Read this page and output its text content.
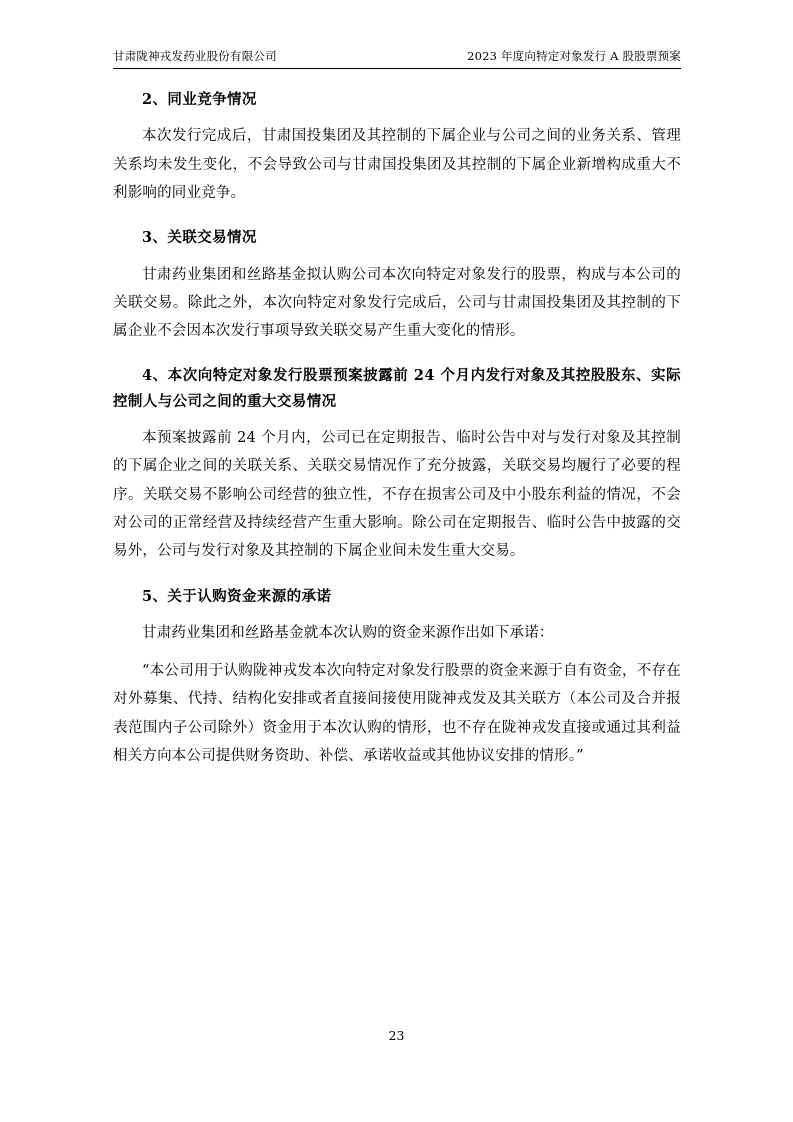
甘肃陇神戎发药业股份有限公司	2023 年度向特定对象发行 A 股股票预案
2、同业竞争情况

本次发行完成后，甘肃国投集团及其控制的下属企业与公司之间的业务关系、管理关系均未发生变化，不会导致公司与甘肃国投集团及其控制的下属企业新增构成重大不利影响的同业竞争。

3、关联交易情况

甘肃药业集团和丝路基金拟认购公司本次向特定对象发行的股票，构成与本公司的关联交易。除此之外，本次向特定对象发行完成后，公司与甘肃国投集团及其控制的下属企业不会因本次发行事项导致关联交易产生重大变化的情形。

4、本次向特定对象发行股票预案披露前 24 个月内发行对象及其控股股东、实际控制人与公司之间的重大交易情况

本预案披露前 24 个月内，公司已在定期报告、临时公告中对与发行对象及其控制的下属企业之间的关联关系、关联交易情况作了充分披露，关联交易均履行了必要的程序。关联交易不影响公司经营的独立性，不存在损害公司及中小股东利益的情况，不会对公司的正常经营及持续经营产生重大影响。除公司在定期报告、临时公告中披露的交易外，公司与发行对象及其控制的下属企业间未发生重大交易。

5、关于认购资金来源的承诺

甘肃药业集团和丝路基金就本次认购的资金来源作出如下承诺：

“本公司用于认购陇神戎发本次向特定对象发行股票的资金来源于自有资金，不存在对外募集、代持、结构化安排或者直接间接使用陇神戎发及其关联方（本公司及合并报表范围内子公司除外）资金用于本次认购的情形，也不存在陇神戎发直接或通过其利益相关方向本公司提供财务资助、补偿、承诺收益或其他协议安排的情形。”

23
